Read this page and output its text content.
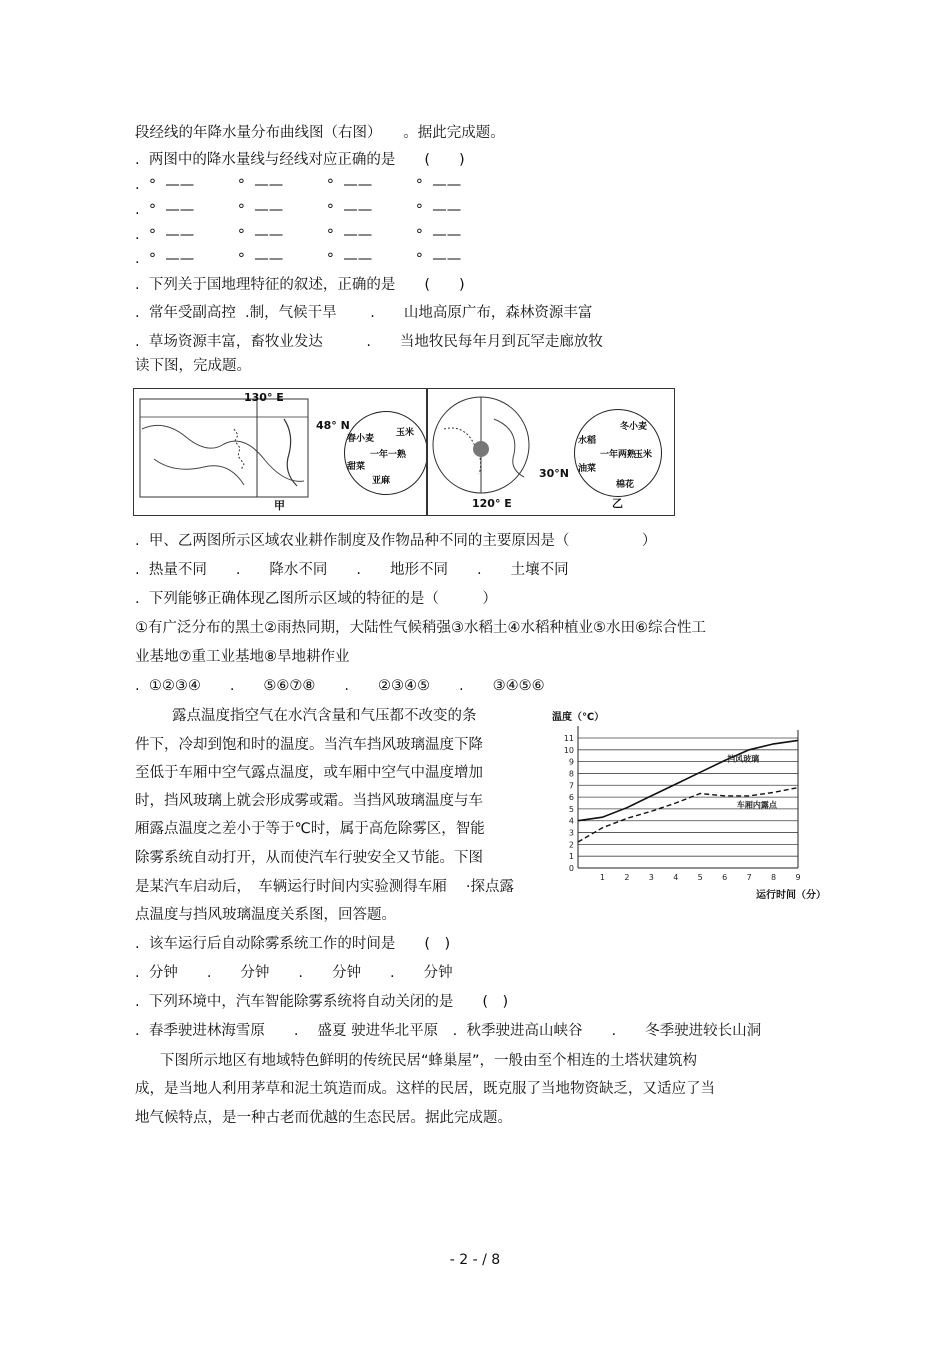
段经线的年降水量分布曲线图（右图）　　。据此完成题。
.  两图中的降水量线与经线对应正确的是　　(　　)
.  °  ——　　　°  ——　　　°  ——　　　°  ——
.  °  ——　　　°  ——　　　°  ——　　　°  ——
.  °  ——　　　°  ——　　　°  ——　　　°  ——
.  °  ——　　　°  ——　　　°  ——　　　°  ——
.  下列关于国地理特征的叙述，正确的是　　(　　)
.  常年受副高控  .制，气候干旱　　 .　　山地高原广布，森林资源丰富
.  草场资源丰富，畜牧业发达　　　.　　当地牧民每年月到瓦罕走廊放牧
读下图，完成题。
130° E
48° N
甲
春小麦
玉米
亚麻
甜菜
一年一熟
120° E
30°N
乙
冬小麦
玉米
棉花
油菜
水稻
一年两熟
.  甲、乙两图所示区域农业耕作制度及作物品种不同的主要原因是（　　　　　）
.  热量不同　　.　　降水不同　　.　　地形不同　　.　　土壤不同
.  下列能够正确体现乙图所示区域的特征的是（　　　）
①有广泛分布的黑土②雨热同期，大陆性气候稍强③水稻土④水稻种植业⑤水田⑥综合性工
业基地⑦重工业基地⑧旱地耕作业
.  ①②③④　　.　　⑤⑥⑦⑧　　.　　②③④⑤　　.　　③④⑤⑥
露点温度指空气在水汽含量和气压都不改变的条
件下，冷却到饱和时的温度。当汽车挡风玻璃温度下降
至低于车厢中空气露点温度，或车厢中空气中温度增加
时，挡风玻璃上就会形成雾或霜。当挡风玻璃温度与车
厢露点温度之差小于等于℃时，属于高危除雾区，智能
除雾系统自动打开，从而使汽车行驶安全又节能。下图
是某汽车启动后，　车辆运行时间内实验测得车厢　 ·探点露
点温度与挡风玻璃温度关系图，回答题。
温度（℃）
0
1
2
3
4
5
6
7
8
9
10
11
1 2 3 4 5 6 7 8 9
挡风玻璃
车厢内露点
运行时间（分）
.  该车运行后自动除雾系统工作的时间是　　(　)
.  分钟　　.　　分钟　　.　　分钟　　.　　分钟
.  下列环境中，汽车智能除雾系统将自动关闭的是　　(　)
.  春季驶进林海雪原　　.　 盛夏 驶进华北平原　.  秋季驶进高山峡谷　　.　　冬季驶进较长山洞
下图所示地区有地域特色鲜明的传统民居“蜂巢屋”，一般由至个相连的土塔状建筑构
成，是当地人利用茅草和泥土筑造而成。这样的民居，既克服了当地物资缺乏，又适应了当
地气候特点，是一种古老而优越的生态民居。据此完成题。
- 2 - / 8
